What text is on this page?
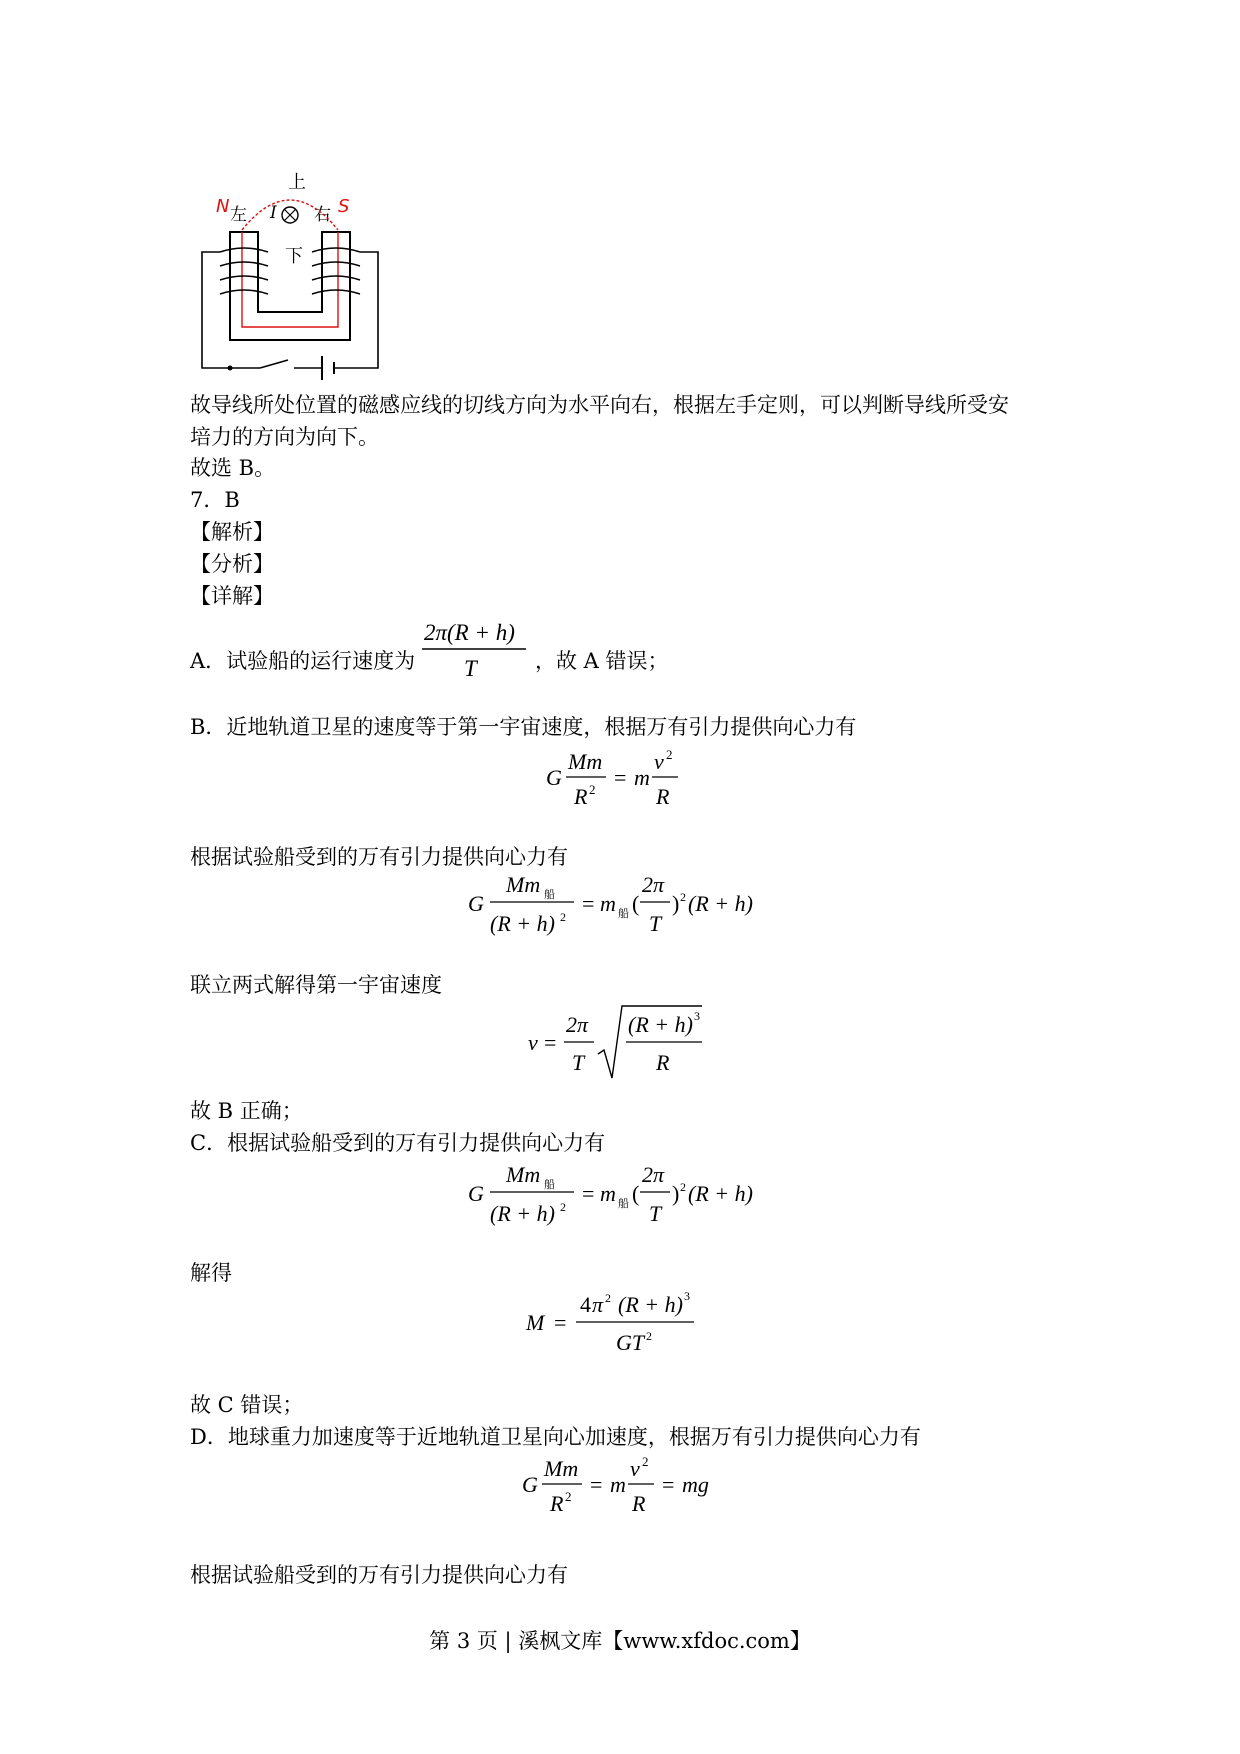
上
N 左 I 右 S
下
故导线所处位置的磁感应线的切线方向为水平向右，根据左手定则，可以判断导线所受安
培力的方向为向下。
故选 B。
7．B
【解析】
【分析】
【详解】
A．试验船的运行速度为
2π(R + h)
T	，故 A 错误；
B．近地轨道卫星的速度等于第一宇宙速度，根据万有引力提供向心力有
G
Mm
R 2 = m
v 2
R
根据试验船受到的万有引力提供向心力有
G
Mm 船
(R + h) 2
= m 船 (
2π
T
) 2 (R + h)
联立两式解得第一宇宙速度
v =
2π
T
(R + h) 3
R
故 B 正确；
C．根据试验船受到的万有引力提供向心力有
G
Mm 船
(R + h) 2
= m 船 (
2π
T
) 2 (R + h)
解得
M =
4 π 2 (R + h) 3
GT 2
故 C 错误；
D．地球重力加速度等于近地轨道卫星向心加速度，根据万有引力提供向心力有
G
Mm
R 2 = m
v 2
R
= mg
根据试验船受到的万有引力提供向心力有
第 3 页 | 溪枫文库【www.xfdoc.com】
